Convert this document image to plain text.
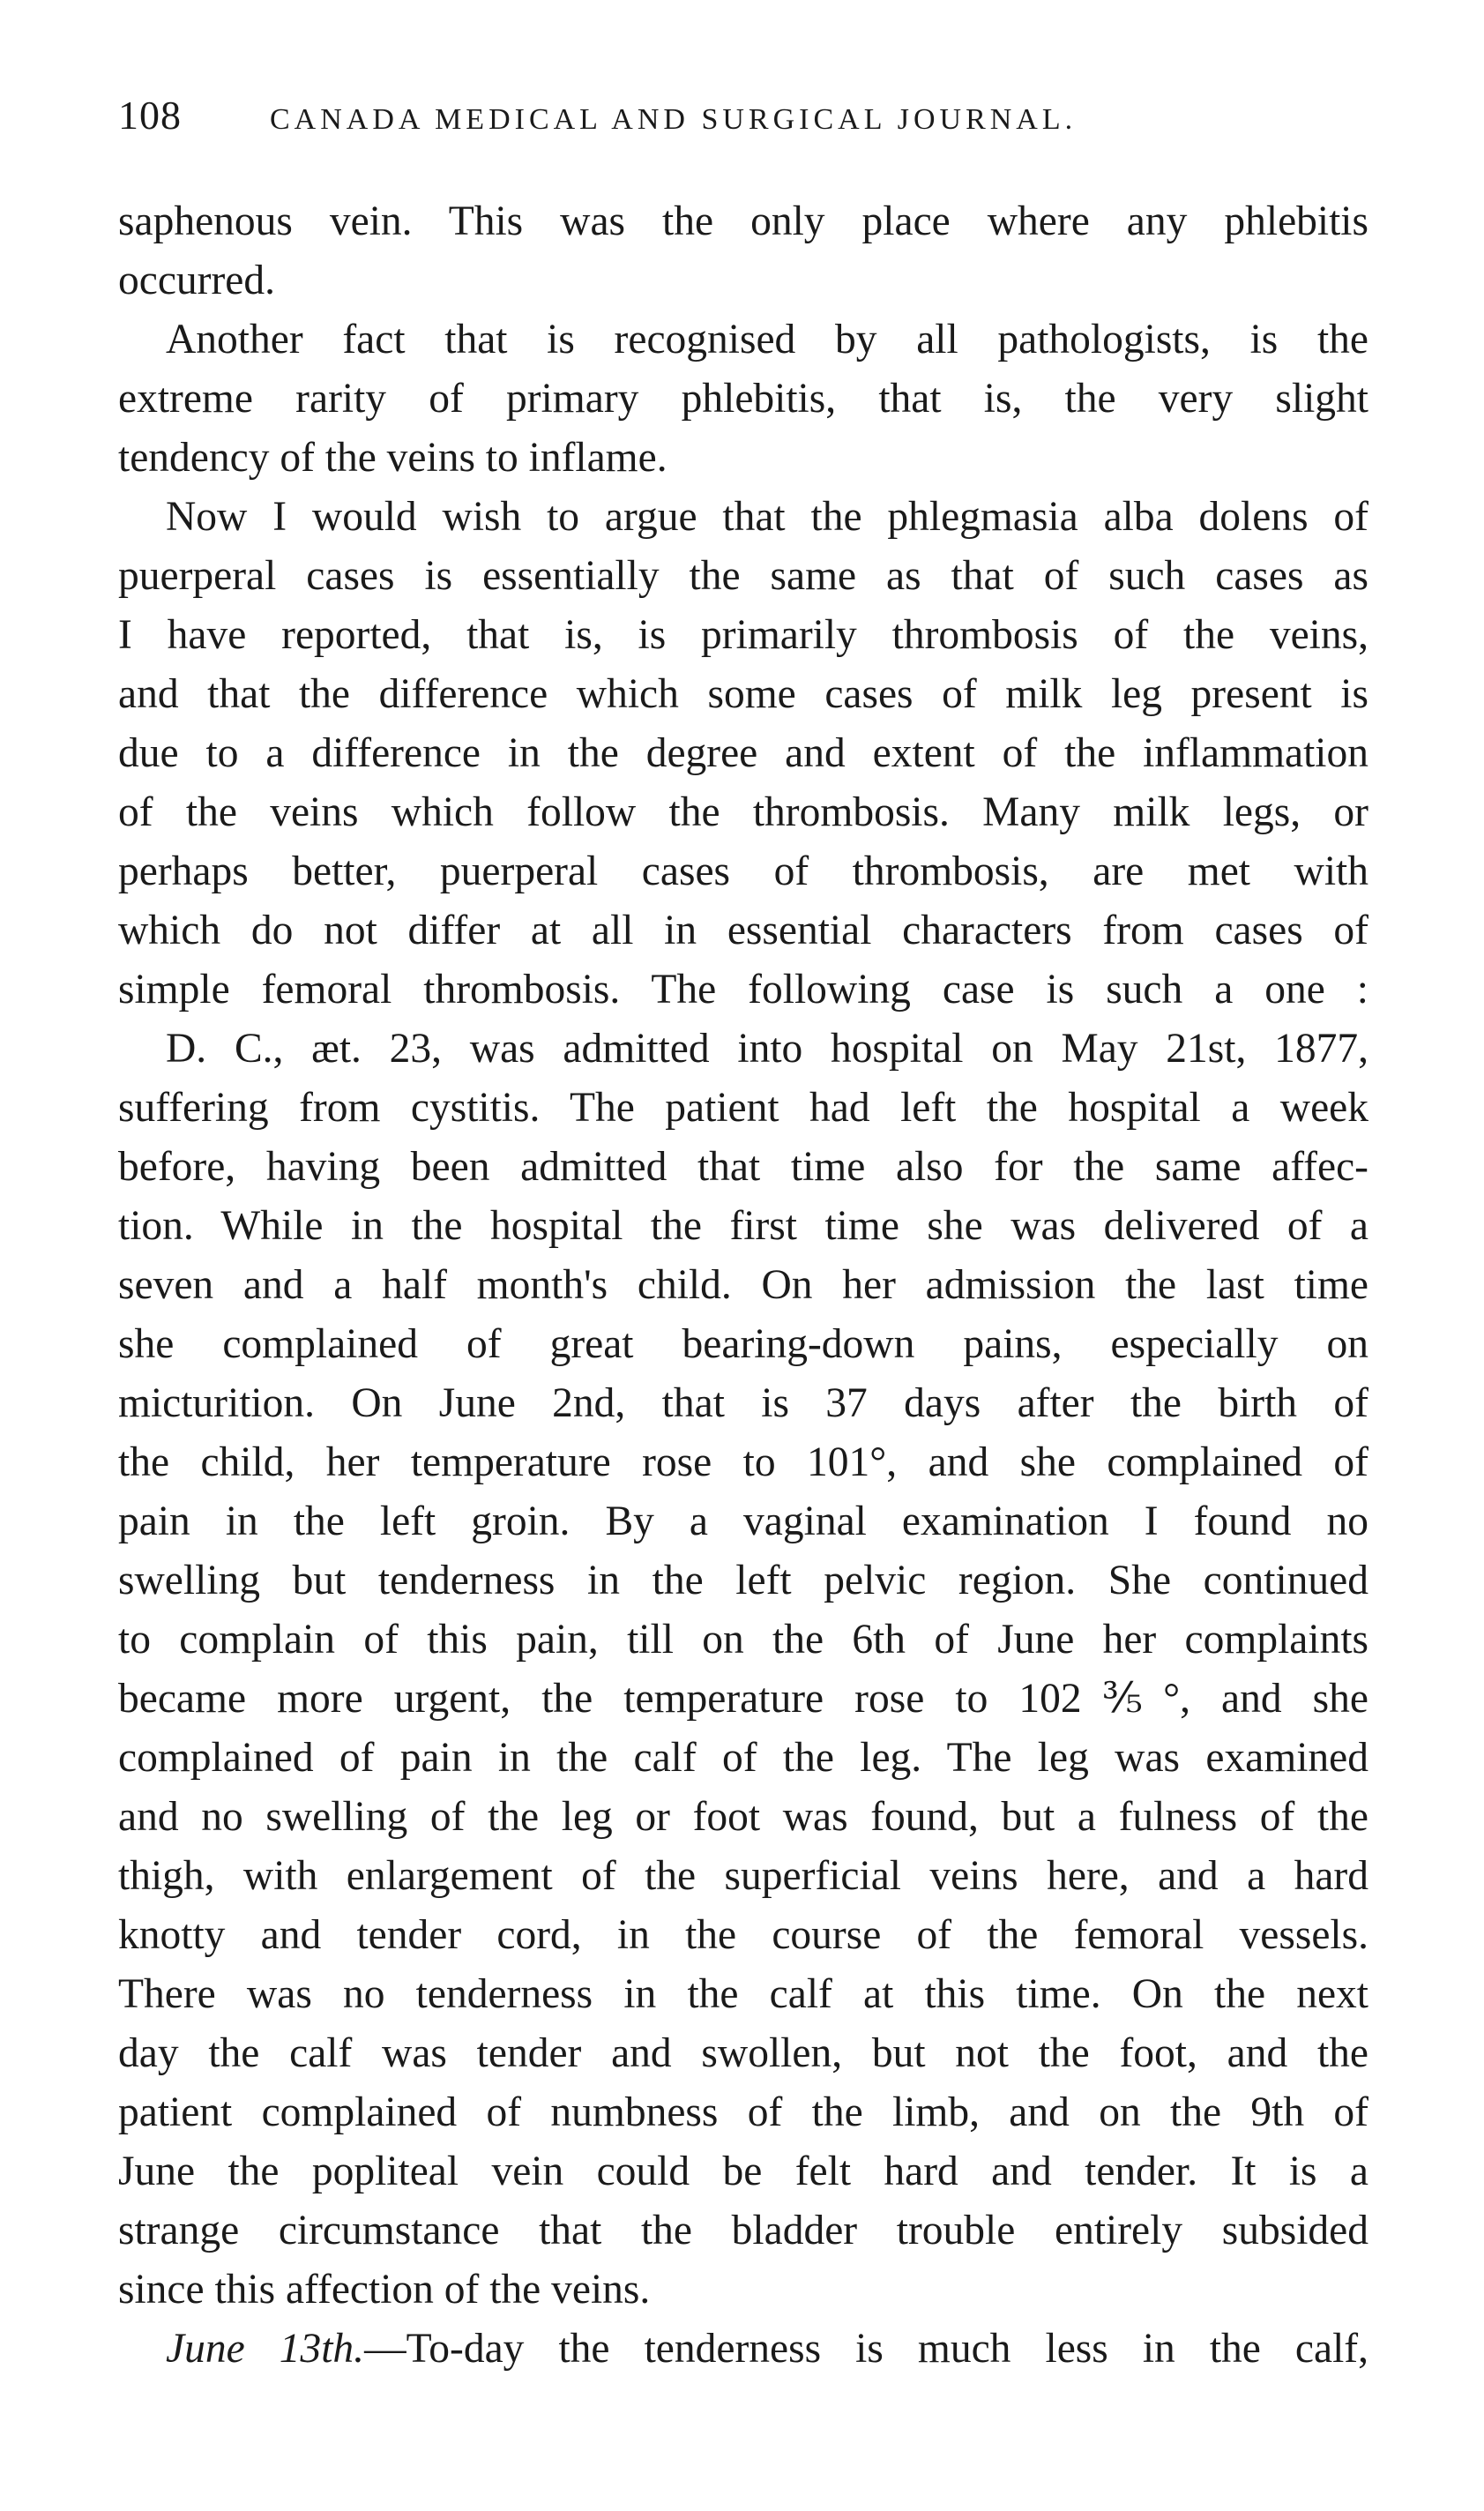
108	CANADA MEDICAL AND SURGICAL JOURNAL.
saphenous vein. This was the only place where any phlebitis
occurred.
Another fact that is recognised by all pathologists, is the
extreme rarity of primary phlebitis, that is, the very slight
tendency of the veins to inflame.
Now I would wish to argue that the phlegmasia alba dolens of
puerperal cases is essentially the same as that of such cases as
I have reported, that is, is primarily thrombosis of the veins,
and that the difference which some cases of milk leg present is
due to a difference in the degree and extent of the inflammation
of the veins which follow the thrombosis. Many milk legs, or
perhaps better, puerperal cases of thrombosis, are met with
which do not differ at all in essential characters from cases of
simple femoral thrombosis. The following case is such a one :
D. C., æt. 23, was admitted into hospital on May 21st, 1877,
suffering from cystitis. The patient had left the hospital a week
before, having been admitted that time also for the same affec-
tion. While in the hospital the first time she was delivered of a
seven and a half month's child. On her admission the last time
she complained of great bearing-down pains, especially on
micturition. On June 2nd, that is 37 days after the birth of
the child, her temperature rose to 101°, and she complained of
pain in the left groin. By a vaginal examination I found no
swelling but tenderness in the left pelvic region. She continued
to complain of this pain, till on the 6th of June her complaints
became more urgent, the temperature rose to 102⅗°, and she
complained of pain in the calf of the leg. The leg was examined
and no swelling of the leg or foot was found, but a fulness of the
thigh, with enlargement of the superficial veins here, and a hard
knotty and tender cord, in the course of the femoral vessels.
There was no tenderness in the calf at this time. On the next
day the calf was tender and swollen, but not the foot, and the
patient complained of numbness of the limb, and on the 9th of
June the popliteal vein could be felt hard and tender. It is a
strange circumstance that the bladder trouble entirely subsided
since this affection of the veins.
June 13th.—To-day the tenderness is much less in the calf,
